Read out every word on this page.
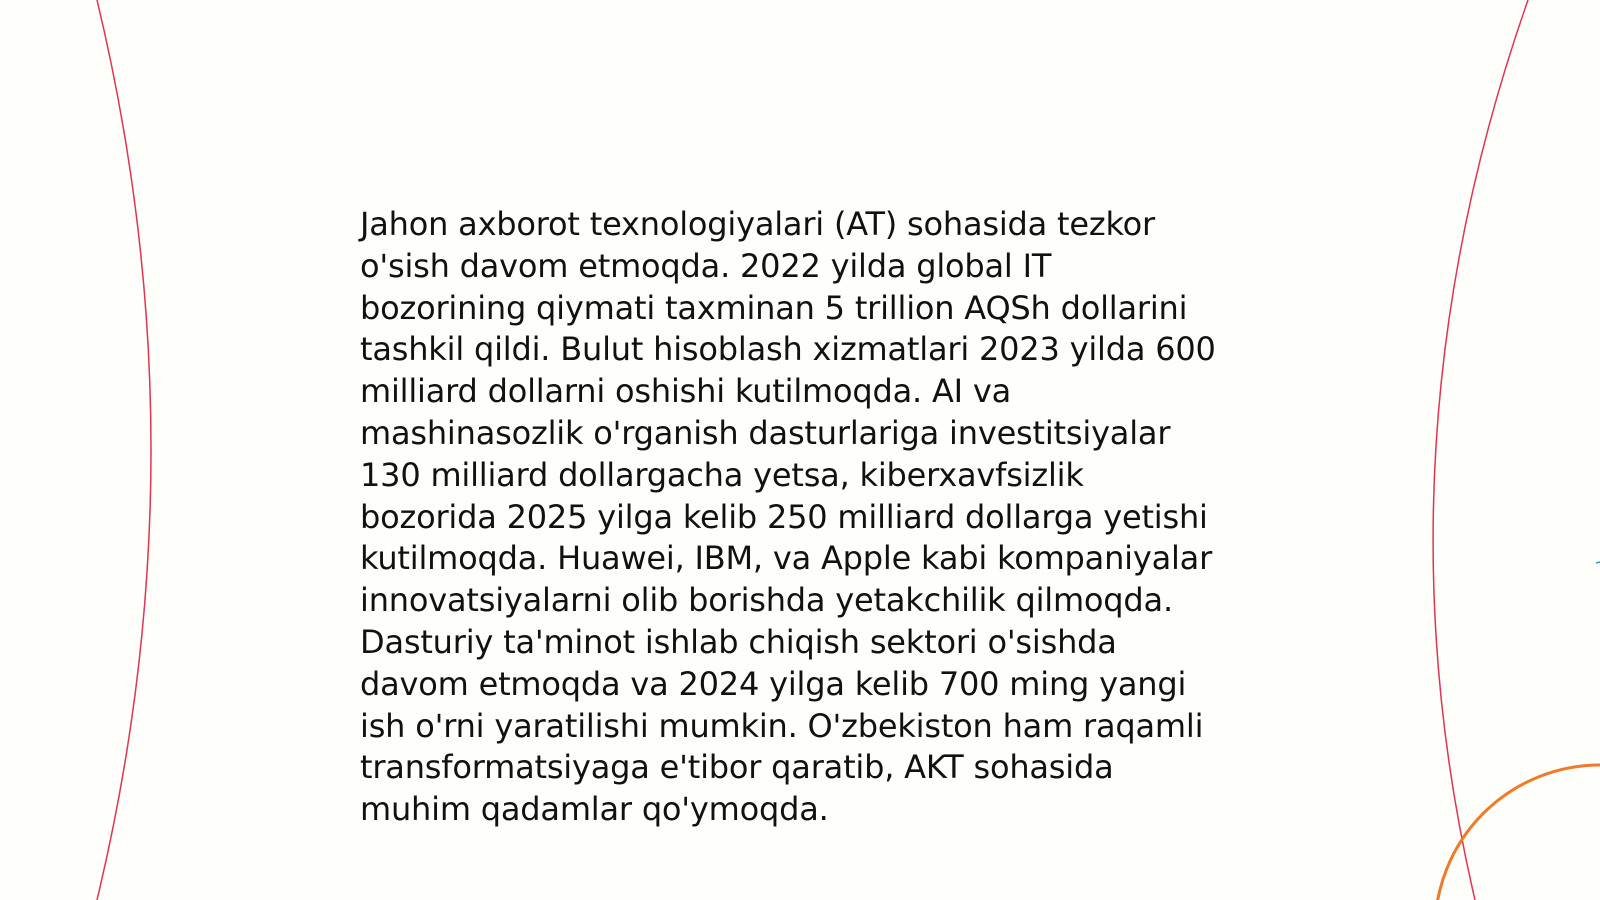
Jahon axborot texnologiyalari (AT) sohasida tezkor
o'sish davom etmoqda. 2022 yilda global IT
bozorining qiymati taxminan 5 trillion AQSh dollarini
tashkil qildi. Bulut hisoblash xizmatlari 2023 yilda 600
milliard dollarni oshishi kutilmoqda. AI va
mashinasozlik o'rganish dasturlariga investitsiyalar
130 milliard dollargacha yetsa, kiberxavfsizlik
bozorida 2025 yilga kelib 250 milliard dollarga yetishi
kutilmoqda. Huawei, IBM, va Apple kabi kompaniyalar
innovatsiyalarni olib borishda yetakchilik qilmoqda.
Dasturiy ta'minot ishlab chiqish sektori o'sishda
davom etmoqda va 2024 yilga kelib 700 ming yangi
ish o'rni yaratilishi mumkin. O'zbekiston ham raqamli
transformatsiyaga e'tibor qaratib, AKT sohasida
muhim qadamlar qo'ymoqda.
